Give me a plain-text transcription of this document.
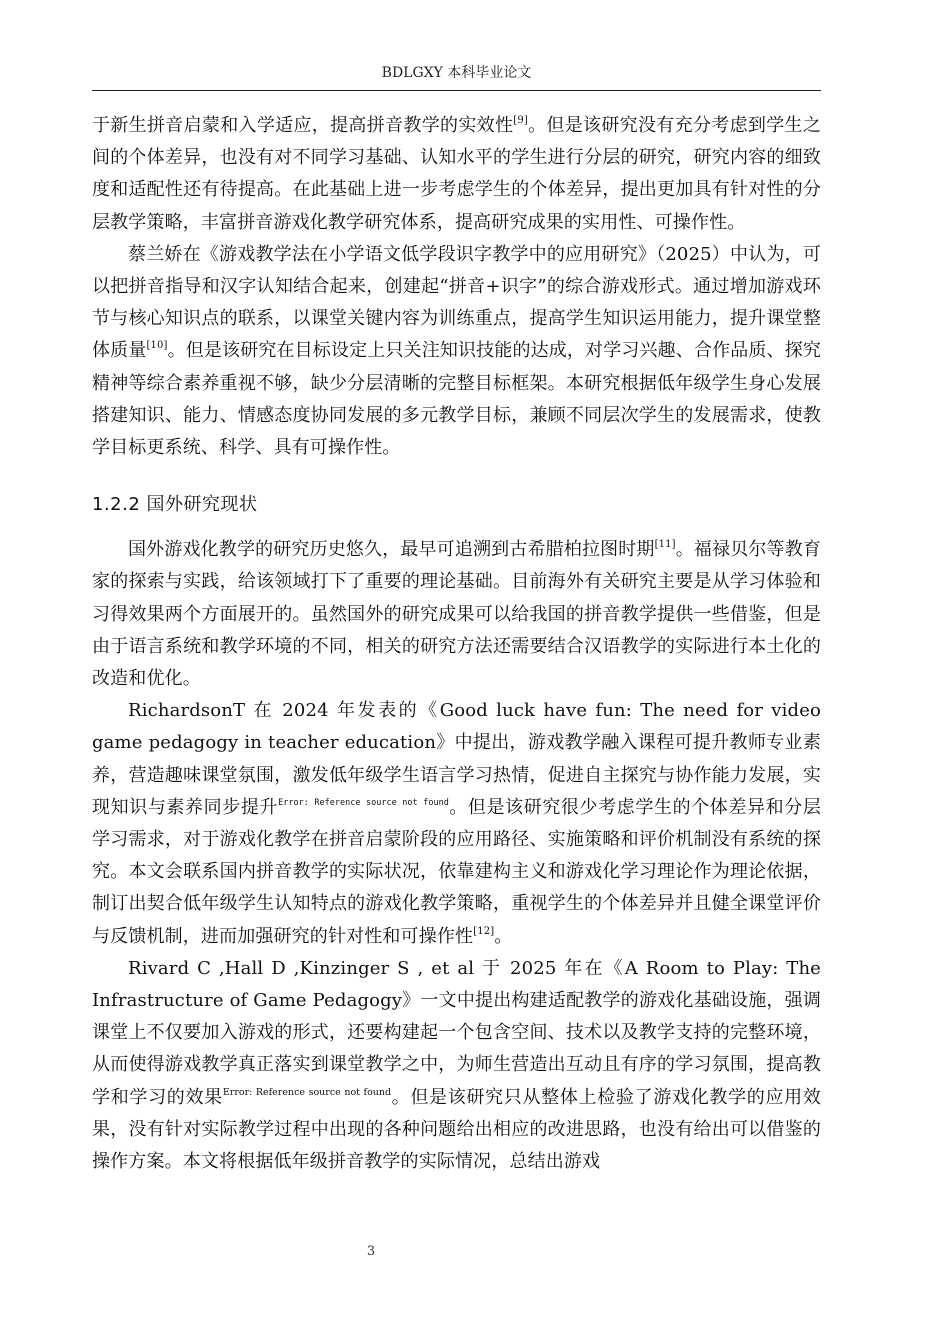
BDLGXY 本科毕业论文

于新生拼音启蒙和入学适应，提高拼音教学的实效性[9]。但是该研究没有充分考虑到学生之间的个体差异，也没有对不同学习基础、认知水平的学生进行分层的研究，研究内容的细致度和适配性还有待提高。在此基础上进一步考虑学生的个体差异，提出更加具有针对性的分层教学策略，丰富拼音游戏化教学研究体系，提高研究成果的实用性、可操作性。

蔡兰娇在《游戏教学法在小学语文低学段识字教学中的应用研究》（2025）中认为，可以把拼音指导和汉字认知结合起来，创建起“拼音+识字”的综合游戏形式。通过增加游戏环节与核心知识点的联系，以课堂关键内容为训练重点，提高学生知识运用能力，提升课堂整体质量[10]。但是该研究在目标设定上只关注知识技能的达成，对学习兴趣、合作品质、探究精神等综合素养重视不够，缺少分层清晰的完整目标框架。本研究根据低年级学生身心发展搭建知识、能力、情感态度协同发展的多元教学目标，兼顾不同层次学生的发展需求，使教学目标更系统、科学、具有可操作性。

1.2.2 国外研究现状

国外游戏化教学的研究历史悠久，最早可追溯到古希腊柏拉图时期[11]。福禄贝尔等教育家的探索与实践，给该领域打下了重要的理论基础。目前海外有关研究主要是从学习体验和习得效果两个方面展开的。虽然国外的研究成果可以给我国的拼音教学提供一些借鉴，但是由于语言系统和教学环境的不同，相关的研究方法还需要结合汉语教学的实际进行本土化的改造和优化。

RichardsonT 在 2024 年发表的《Good luck have fun: The need for video game pedagogy in teacher education》中提出，游戏教学融入课程可提升教师专业素养，营造趣味课堂氛围，激发低年级学生语言学习热情，促进自主探究与协作能力发展，实现知识与素养同步提升$^{Error: Reference source not found}$。但是该研究很少考虑学生的个体差异和分层学习需求，对于游戏化教学在拼音启蒙阶段的应用路径、实施策略和评价机制没有系统的探究。本文会联系国内拼音教学的实际状况，依靠建构主义和游戏化学习理论作为理论依据，制订出契合低年级学生认知特点的游戏化教学策略，重视学生的个体差异并且健全课堂评价与反馈机制，进而加强研究的针对性和可操作性[12]。

Rivard C ,Hall D ,Kinzinger S , et al 于 2025 年在《A Room to Play: The Infrastructure of Game Pedagogy》一文中提出构建适配教学的游戏化基础设施，强调课堂上不仅要加入游戏的形式，还要构建起一个包含空间、技术以及教学支持的完整环境，从而使得游戏教学真正落实到课堂教学之中，为师生营造出互动且有序的学习氛围，提高教学和学习的效果$^{Error: Reference source not found}$。但是该研究只从整体上检验了游戏化教学的应用效果，没有针对实际教学过程中出现的各种问题给出相应的改进思路，也没有给出可以借鉴的操作方案。本文将根据低年级拼音教学的实际情况，总结出游戏

3
